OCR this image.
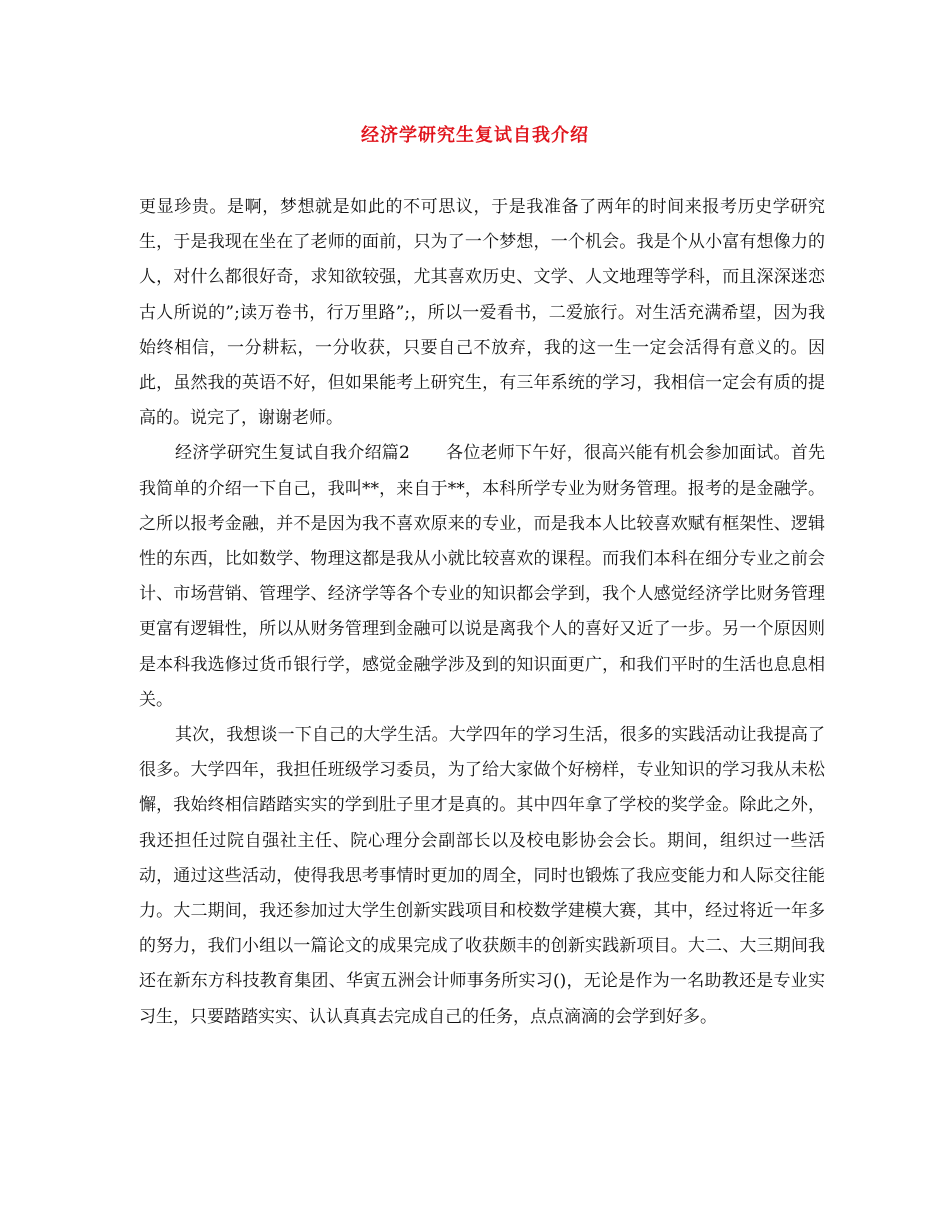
经济学研究生复试自我介绍

更显珍贵。是啊，梦想就是如此的不可思议，于是我准备了两年的时间来报考历史学研究生，于是我现在坐在了老师的面前，只为了一个梦想，一个机会。我是个从小富有想像力的人，对什么都很好奇，求知欲较强，尤其喜欢历史、文学、人文地理等学科，而且深深迷恋古人所说的”;读万卷书，行万里路”;，所以一爱看书，二爱旅行。对生活充满希望，因为我始终相信，一分耕耘，一分收获，只要自己不放弃，我的这一生一定会活得有意义的。因此，虽然我的英语不好，但如果能考上研究生，有三年系统的学习，我相信一定会有质的提高的。说完了，谢谢老师。

经济学研究生复试自我介绍篇2 各位老师下午好，很高兴能有机会参加面试。首先我简单的介绍一下自己，我叫**，来自于**，本科所学专业为财务管理。报考的是金融学。之所以报考金融，并不是因为我不喜欢原来的专业，而是我本人比较喜欢赋有框架性、逻辑性的东西，比如数学、物理这都是我从小就比较喜欢的课程。而我们本科在细分专业之前会计、市场营销、管理学、经济学等各个专业的知识都会学到，我个人感觉经济学比财务管理更富有逻辑性，所以从财务管理到金融可以说是离我个人的喜好又近了一步。另一个原因则是本科我选修过货币银行学，感觉金融学涉及到的知识面更广，和我们平时的生活也息息相关。

其次，我想谈一下自己的大学生活。大学四年的学习生活，很多的实践活动让我提高了很多。大学四年，我担任班级学习委员，为了给大家做个好榜样，专业知识的学习我从未松懈，我始终相信踏踏实实的学到肚子里才是真的。其中四年拿了学校的奖学金。除此之外，我还担任过院自强社主任、院心理分会副部长以及校电影协会会长。期间，组织过一些活动，通过这些活动，使得我思考事情时更加的周全，同时也锻炼了我应变能力和人际交往能力。大二期间，我还参加过大学生创新实践项目和校数学建模大赛，其中，经过将近一年多的努力，我们小组以一篇论文的成果完成了收获颇丰的创新实践新项目。大二、大三期间我还在新东方科技教育集团、华寅五洲会计师事务所实习()，无论是作为一名助教还是专业实习生，只要踏踏实实、认认真真去完成自己的任务，点点滴滴的会学到好多。
